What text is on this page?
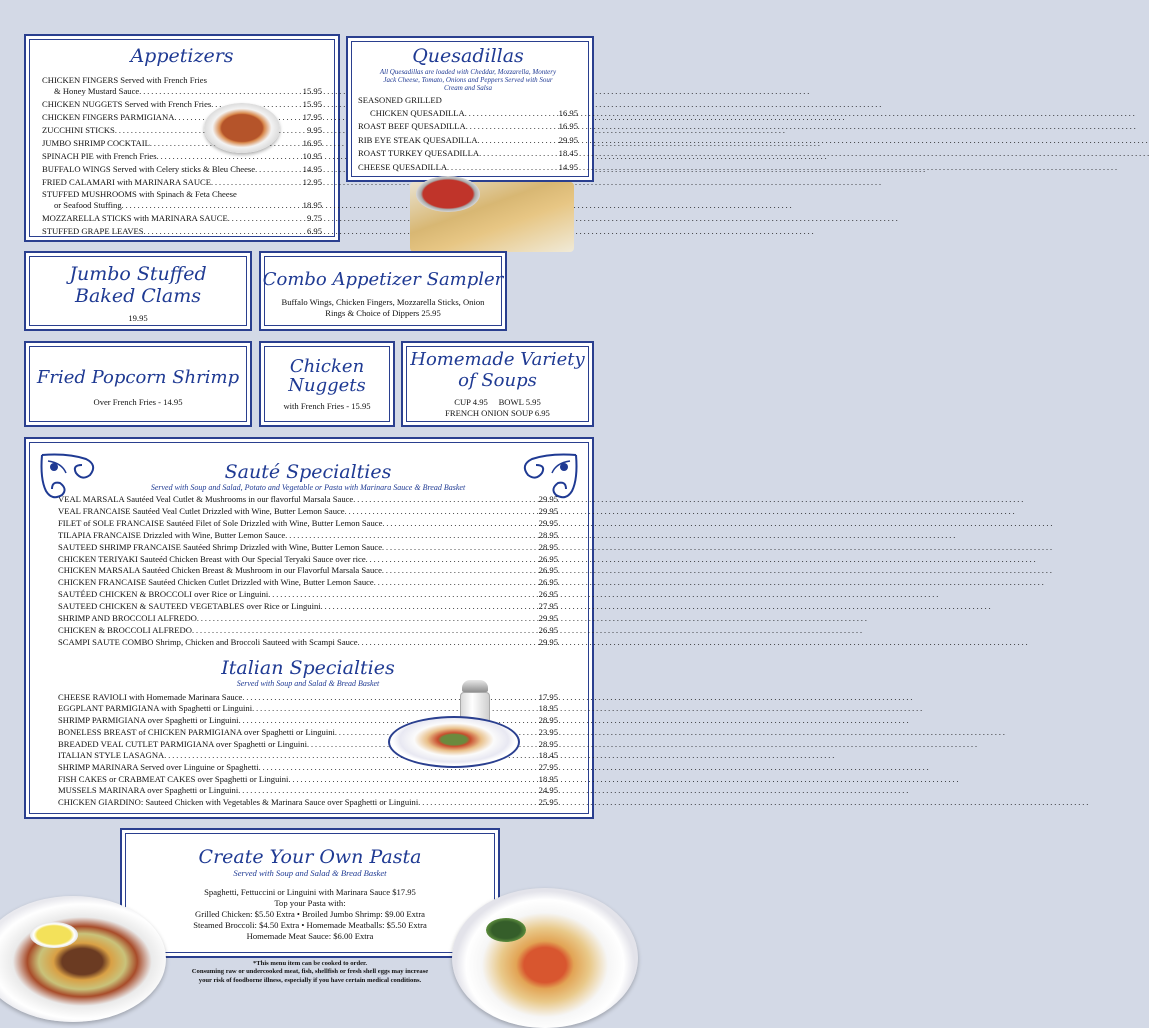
Appetizers
CHICKEN FINGERS Served with French Fries
& Honey Mustard Sauce . . .	15.95
CHICKEN NUGGETS Served with French Fries . . .	15.95
CHICKEN FINGERS PARMIGIANA . . .	17.95
ZUCCHINI STICKS . . .	9.95
JUMBO SHRIMP COCKTAIL . . .	16.95
SPINACH PIE with French Fries . . .	10.95
BUFFALO WINGS Served with Celery sticks & Bleu Cheese . . .	14.95
FRIED CALAMARI with MARINARA SAUCE . . .	12.95
STUFFED MUSHROOMS with Spinach & Feta Cheese
or Seafood Stuffing . . .	18.95
MOZZARELLA STICKS with MARINARA SAUCE . . .	9.75
STUFFED GRAPE LEAVES . . .	6.95
Quesadillas
All Quesadillas are loaded with Cheddar, Mozzarella, Montery Jack Cheese, Tomato, Onions and Peppers Served with Sour Cream and Salsa
SEASONED GRILLED
CHICKEN QUESADILLA . . .	16.95
ROAST BEEF QUESADILLA . . .	16.95
RIB EYE STEAK QUESADILLA . . .	29.95
ROAST TURKEY QUESADILLA . . .	18.45
CHEESE QUESADILLA . . .	14.95
Jumbo Stuffed Baked Clams
19.95
Combo Appetizer Sampler
Buffalo Wings, Chicken Fingers, Mozzarella Sticks, Onion Rings & Choice of Dippers 25.95
Fried Popcorn Shrimp
Over French Fries - 14.95
Chicken Nuggets
with French Fries - 15.95
Homemade Variety of Soups
CUP 4.95 BOWL 5.95
FRENCH ONION SOUP 6.95
Sauté Specialties
Served with Soup and Salad, Potato and Vegetable or Pasta with Marinara Sauce & Bread Basket
VEAL MARSALA Sautéed Veal Cutlet & Mushrooms in our flavorful Marsala Sauce . . .	29.95
VEAL FRANCAISE Sautéed Veal Cutlet Drizzled with Wine, Butter Lemon Sauce . . .	29.95
FILET of SOLE FRANCAISE Sautéed Filet of Sole Drizzled with Wine, Butter Lemon Sauce . . .	29.95
TILAPIA FRANCAISE Drizzled with Wine, Butter Lemon Sauce . . .	28.95
SAUTEED SHRIMP FRANCAISE Sautéed Shrimp Drizzled with Wine, Butter Lemon Sauce . . .	28.95
CHICKEN TERIYAKI Sauteéd Chicken Breast with Our Special Teryaki Sauce over rice . . .	26.95
CHICKEN MARSALA Sautéed Chicken Breast & Mushroom in our Flavorful Marsala Sauce . . .	26.95
CHICKEN FRANCAISE Sautéed Chicken Cutlet Drizzled with Wine, Butter Lemon Sauce . . .	26.95
SAUTÉED CHICKEN & BROCCOLI over Rice or Linguini . . .	26.95
SAUTEED CHICKEN & SAUTEED VEGETABLES over Rice or Linguini . . .	27.95
SHRIMP AND BROCCOLI ALFREDO . . .	29.95
CHICKEN & BROCCOLI ALFREDO . . .	26.95
SCAMPI SAUTE COMBO Shrimp, Chicken and Broccoli Sauteed with Scampi Sauce . . .	29.95
Italian Specialties
Served with Soup and Salad & Bread Basket
CHEESE RAVIOLI with Homemade Marinara Sauce . . .	17.95
EGGPLANT PARMIGIANA with Spaghetti or Linguini . . .	18.95
SHRIMP PARMIGIANA over Spaghetti or Linguini . . .	28.95
BONELESS BREAST of CHICKEN PARMIGIANA over Spaghetti or Linguini . . .	23.95
BREADED VEAL CUTLET PARMIGIANA over Spaghetti or Linguini . . .	28.95
ITALIAN STYLE LASAGNA . . .	18.45
SHRIMP MARINARA Served over Linguine or Spaghetti . . .	27.95
FISH CAKES or CRABMEAT CAKES over Spaghetti or Linguini . . .	18.95
MUSSELS MARINARA over Spaghetti or Linguini . . .	24.95
CHICKEN GIARDINO: Sauteed Chicken with Vegetables & Marinara Sauce over Spaghetti or Linguini . . .	25.95
Create Your Own Pasta
Served with Soup and Salad & Bread Basket
Spaghetti, Fettuccini or Linguini with Marinara Sauce $17.95
Top your Pasta with:
Grilled Chicken: $5.50 Extra • Broiled Jumbo Shrimp: $9.00 Extra
Steamed Broccoli: $4.50 Extra • Homemade Meatballs: $5.50 Extra
Homemade Meat Sauce: $6.00 Extra
*This menu item can be cooked to order.
Consuming raw or undercooked meat, fish, shellfish or fresh shell eggs may increase
your risk of foodborne illness, especially if you have certain medical conditions.
